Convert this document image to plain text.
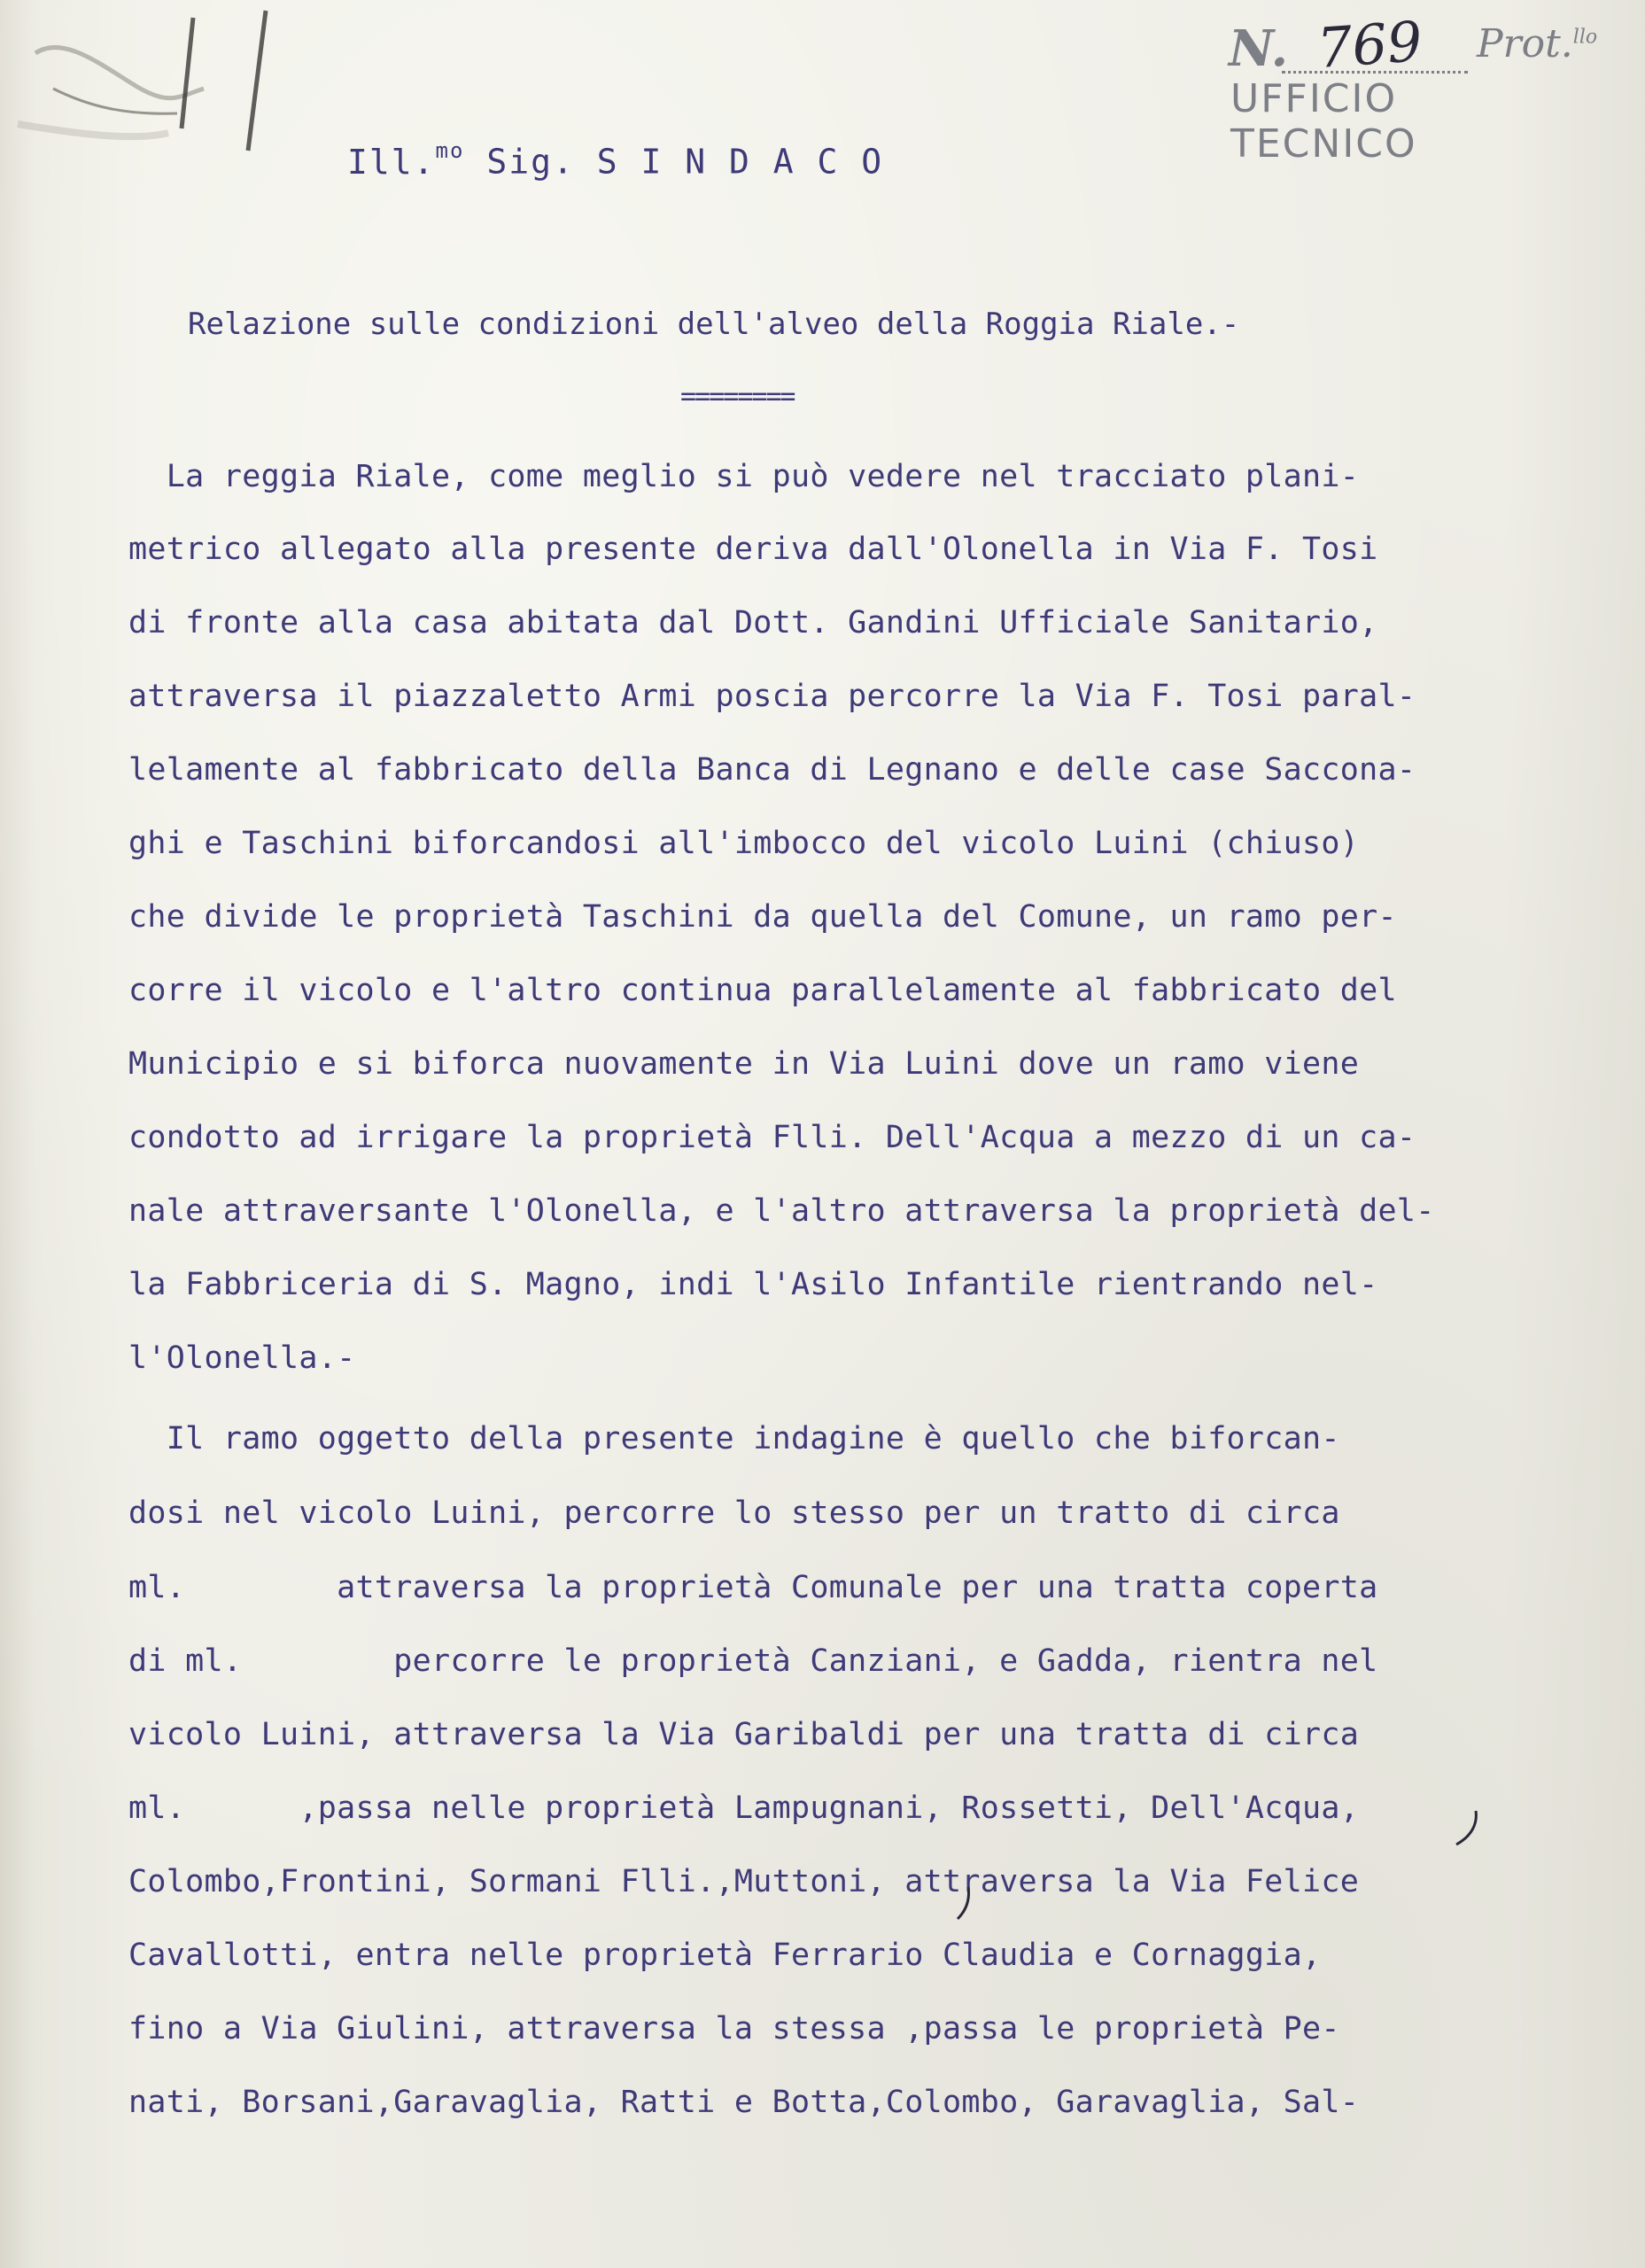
N. 769 Prot.$^{llo}$
UFFICIO TECNICO
Ill.$^{mo}$ Sig. S I N D A C O
Relazione sulle condizioni dell'alveo della Roggia Riale.-
========
La reggia Riale, come meglio si può vedere nel tracciato plani-
metrico allegato alla presente deriva dall'Olonella in Via F. Tosi
di fronte alla casa abitata dal Dott. Gandini Ufficiale Sanitario,
attraversa il piazzaletto Armi poscia percorre la Via F. Tosi paral-
lelamente al fabbricato della Banca di Legnano e delle case Saccona-
ghi e Taschini biforcandosi all'imbocco del vicolo Luini (chiuso)
che divide le proprietà Taschini da quella del Comune, un ramo per-
corre il vicolo e l'altro continua parallelamente al fabbricato del
Municipio e si biforca nuovamente in Via Luini dove un ramo viene
condotto ad irrigare la proprietà Flli. Dell'Acqua a mezzo di un ca-
nale attraversante l'Olonella, e l'altro attraversa la proprietà del-
la Fabbriceria di S. Magno, indi l'Asilo Infantile rientrando nel-
l'Olonella.-
Il ramo oggetto della presente indagine è quello che biforcan-
dosi nel vicolo Luini, percorre lo stesso per un tratto di circa
ml.        attraversa la proprietà Comunale per una tratta coperta
di ml.        percorre le proprietà Canziani, e Gadda, rientra nel
vicolo Luini, attraversa la Via Garibaldi per una tratta di circa
ml.      ,passa nelle proprietà Lampugnani, Rossetti, Dell'Acqua,
Colombo,Frontini, Sormani Flli.,Muttoni, attraversa la Via Felice
Cavallotti, entra nelle proprietà Ferrario Claudia e Cornaggia,
fino a Via Giulini, attraversa la stessa ,passa le proprietà Pe-
nati, Borsani,Garavaglia, Ratti e Botta,Colombo, Garavaglia, Sal-
